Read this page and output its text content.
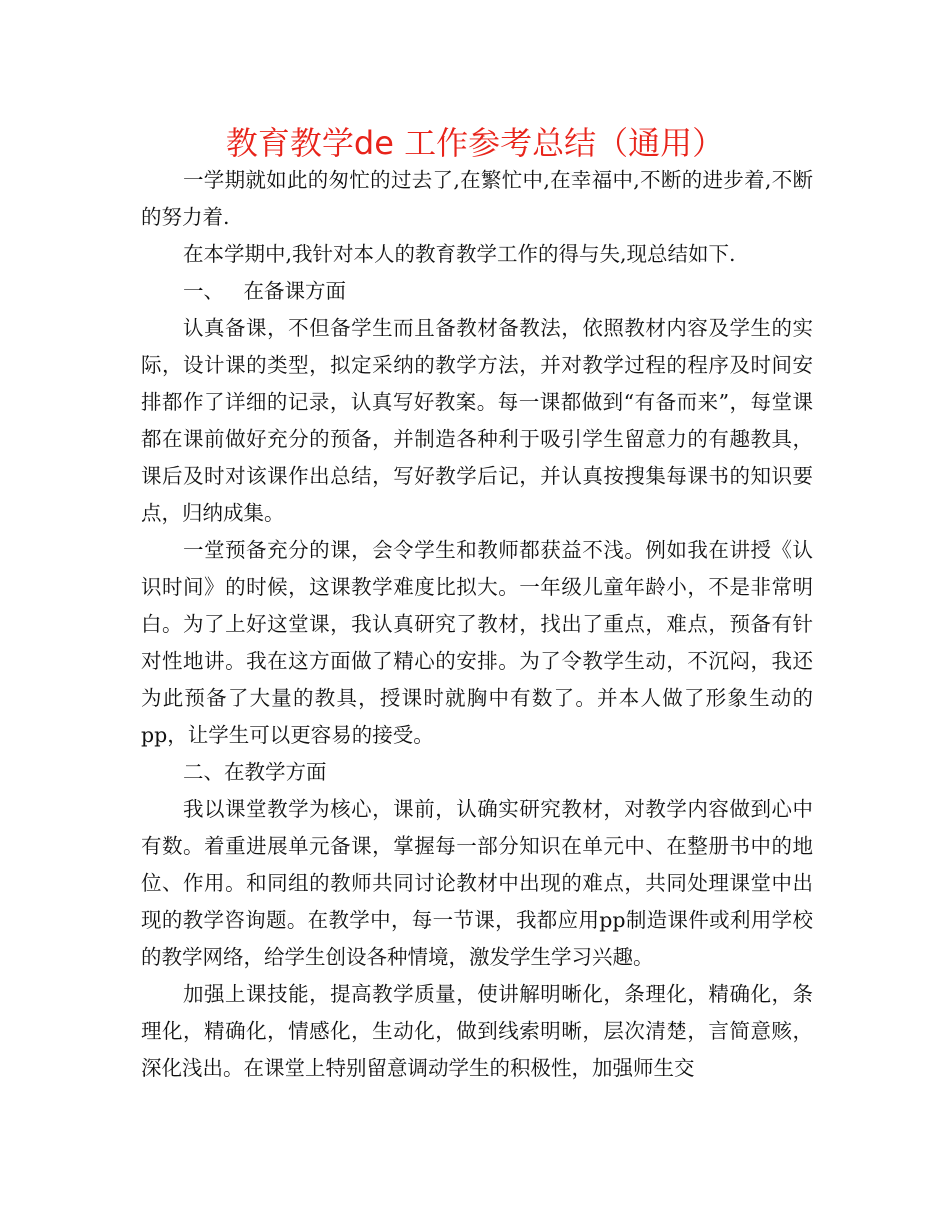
教育教学de 工作参考总结（通用）

一学期就如此的匆忙的过去了,在繁忙中,在幸福中,不断的进步着,不断的努力着.

在本学期中,我针对本人的教育教学工作的得与失,现总结如下.

一、   在备课方面

认真备课，不但备学生而且备教材备教法，依照教材内容及学生的实际，设计课的类型，拟定采纳的教学方法，并对教学过程的程序及时间安排都作了详细的记录，认真写好教案。每一课都做到“有备而来”，每堂课都在课前做好充分的预备，并制造各种利于吸引学生留意力的有趣教具，课后及时对该课作出总结，写好教学后记，并认真按搜集每课书的知识要点，归纳成集。

一堂预备充分的课，会令学生和教师都获益不浅。例如我在讲授《认识时间》的时候，这课教学难度比拟大。一年级儿童年龄小，不是非常明白。为了上好这堂课，我认真研究了教材，找出了重点，难点，预备有针对性地讲。我在这方面做了精心的安排。为了令教学生动，不沉闷，我还为此预备了大量的教具，授课时就胸中有数了。并本人做了形象生动的pp，让学生可以更容易的接受。

二、在教学方面

我以课堂教学为核心，课前，认确实研究教材，对教学内容做到心中有数。着重进展单元备课，掌握每一部分知识在单元中、在整册书中的地位、作用。和同组的教师共同讨论教材中出现的难点，共同处理课堂中出现的教学咨询题。在教学中，每一节课，我都应用pp制造课件或利用学校的教学网络，给学生创设各种情境，激发学生学习兴趣。

加强上课技能，提高教学质量，使讲解明晰化，条理化，精确化，条理化，精确化，情感化，生动化，做到线索明晰，层次清楚，言简意赅，深化浅出。在课堂上特别留意调动学生的积极性，加强师生交
